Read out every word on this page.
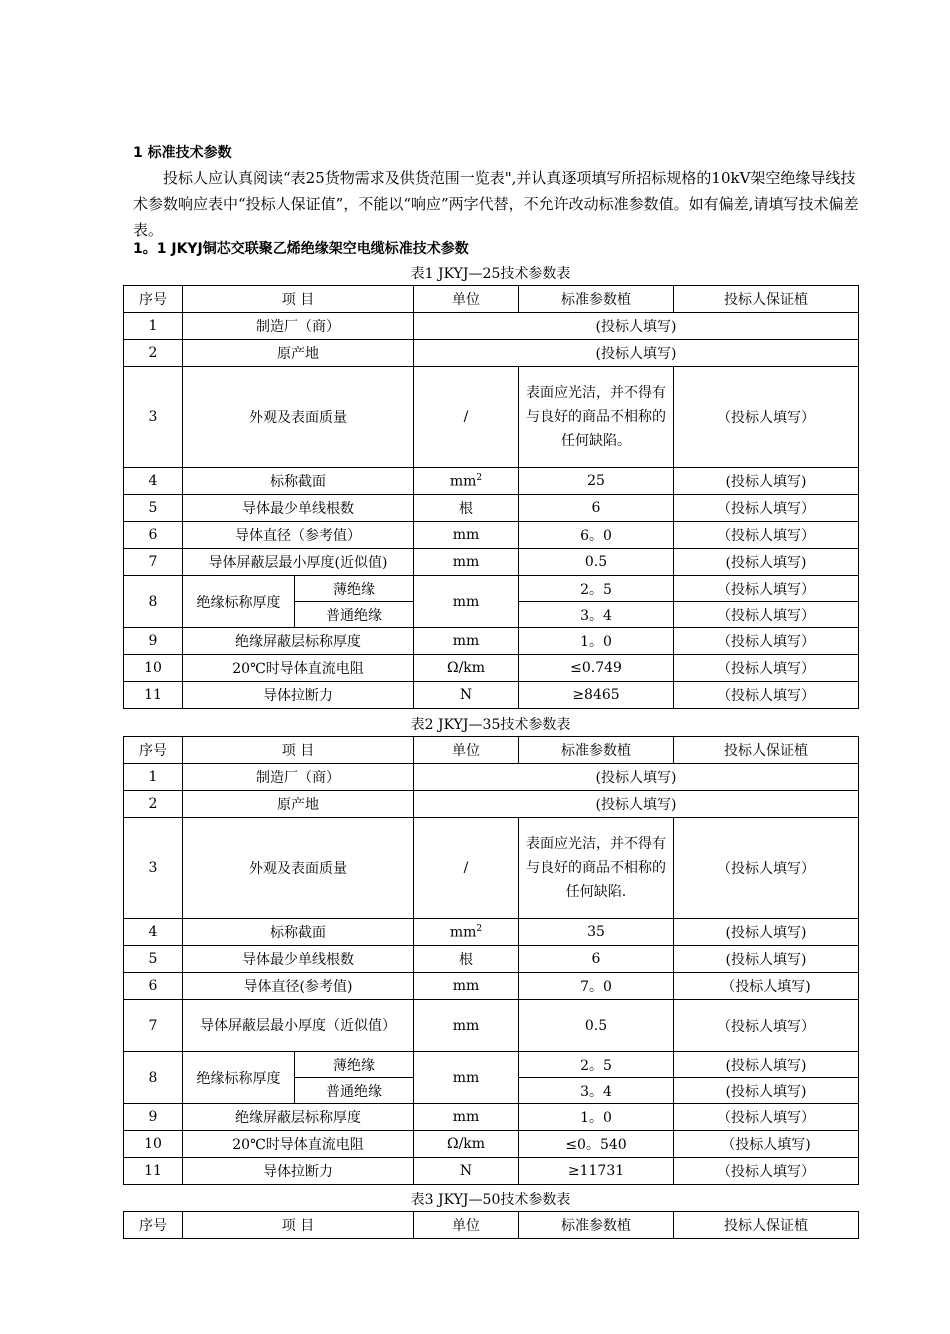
1 标准技术参数
投标人应认真阅读“表25货物需求及供货范围一览表",并认真逐项填写所招标规格的10kV架空绝缘导线技术参数响应表中“投标人保证值”，不能以“响应”两字代替，不允许改动标准参数值。如有偏差,请填写技术偏差表。
1。1 JKYJ铜芯交联聚乙烯绝缘架空电缆标准技术参数
表1 JKYJ—25技术参数表
序号	项 目		单位	标准参数植	投标人保证植
1	制造厂（商）		(投标人填写)		
2	原产地		(投标人填写)		
3	外观及表面质量		/	表面应光洁，并不得有与良好的商品不相称的任何缺陷。	（投标人填写）
4	标称截面		$mm^2$	25	(投标人填写)
5	导体最少单线根数		根	6	（投标人填写）
6	导体直径（参考值）		mm	6。0	（投标人填写）
7	导体屏蔽层最小厚度(近似值)		mm	0.5	(投标人填写)
8	绝缘标称厚度	薄绝缘	mm	2。5	（投标人填写）
		普通绝缘		3。4	（投标人填写）
9	绝缘屏蔽层标称厚度		mm	1。0	（投标人填写）
10	20℃时导体直流电阻		Ω/km	≤0.749	（投标人填写）
11	导体拉断力		N	≥8465	（投标人填写）
表2 JKYJ—35技术参数表
序号	项 目		单位	标准参数植	投标人保证植
1	制造厂（商）		(投标人填写)		
2	原产地		(投标人填写)		
3	外观及表面质量		/	表面应光洁，并不得有与良好的商品不相称的任何缺陷.	（投标人填写）
4	标称截面		$mm^2$	35	(投标人填写)
5	导体最少单线根数		根	6	(投标人填写)
6	导体直径(参考值)		mm	7。0	（投标人填写)
7	导体屏蔽层最小厚度（近似值）		mm	0.5	（投标人填写）
8	绝缘标称厚度	薄绝缘	mm	2。5	(投标人填写)
		普通绝缘		3。4	(投标人填写)
9	绝缘屏蔽层标称厚度		mm	1。0	（投标人填写）
10	20℃时导体直流电阻		Ω/km	≤0。540	（投标人填写)
11	导体拉断力		N	≥11731	（投标人填写）
表3 JKYJ—50技术参数表
序号	项 目	单位	标准参数植	投标人保证植
